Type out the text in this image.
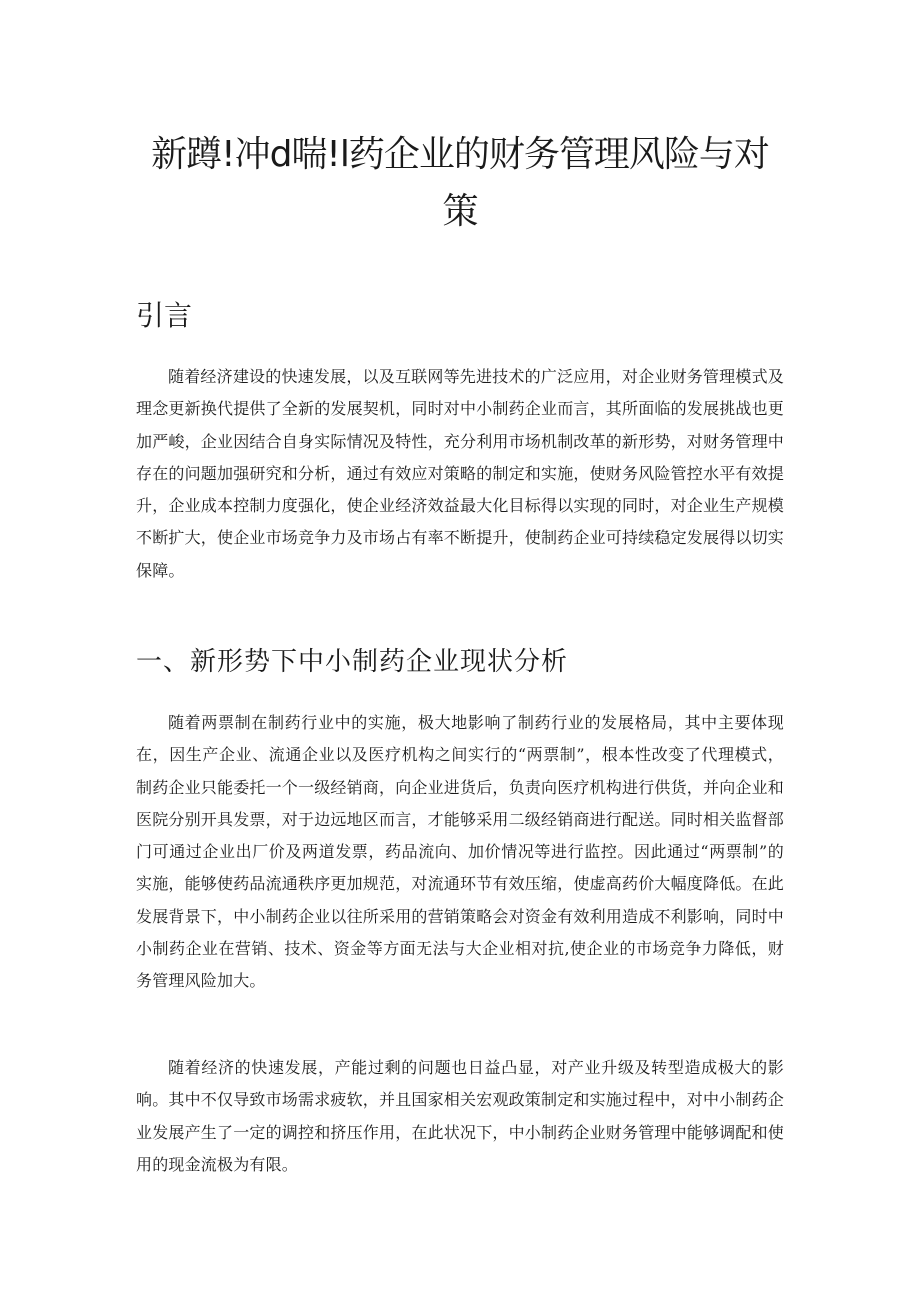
新蹲!冲d喘!l药企业的财务管理风险与对
策
引言

随着经济建设的快速发展，以及互联网等先进技术的广泛应用，对企业财务管理模式及理念更新换代提供了全新的发展契机，同时对中小制药企业而言，其所面临的发展挑战也更加严峻，企业因结合自身实际情况及特性，充分利用市场机制改革的新形势，对财务管理中存在的问题加强研究和分析，通过有效应对策略的制定和实施，使财务风险管控水平有效提升，企业成本控制力度强化，使企业经济效益最大化目标得以实现的同时，对企业生产规模不断扩大，使企业市场竞争力及市场占有率不断提升，使制药企业可持续稳定发展得以切实保障。

一、新形势下中小制药企业现状分析

随着两票制在制药行业中的实施，极大地影响了制药行业的发展格局，其中主要体现在，因生产企业、流通企业以及医疗机构之间实行的“两票制”，根本性改变了代理模式，制药企业只能委托一个一级经销商，向企业进货后，负责向医疗机构进行供货，并向企业和医院分别开具发票，对于边远地区而言，才能够采用二级经销商进行配送。同时相关监督部门可通过企业出厂价及两道发票，药品流向、加价情况等进行监控。因此通过“两票制”的实施，能够使药品流通秩序更加规范，对流通环节有效压缩，使虚高药价大幅度降低。在此发展背景下，中小制药企业以往所采用的营销策略会对资金有效利用造成不利影响，同时中小制药企业在营销、技术、资金等方面无法与大企业相对抗,使企业的市场竞争力降低，财务管理风险加大。

随着经济的快速发展，产能过剩的问题也日益凸显，对产业升级及转型造成极大的影响。其中不仅导致市场需求疲软，并且国家相关宏观政策制定和实施过程中，对中小制药企业发展产生了一定的调控和挤压作用，在此状况下，中小制药企业财务管理中能够调配和使用的现金流极为有限。
